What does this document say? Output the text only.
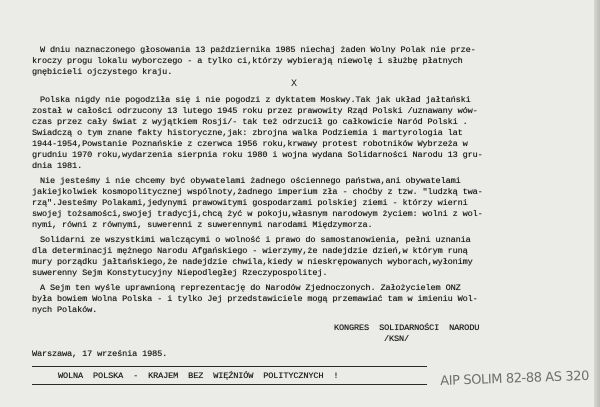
W dniu naznaczonego głosowania 13 października 1985 niechaj żaden Wolny Polak nie prze-

kroczy progu lokalu wyborczego - a tylko ci,którzy wybierają niewolę i służbę płatnych

gnębicieli ojczystego kraju.

X

Polska nigdy nie pogodziła się i nie pogodzi z dyktatem Moskwy.Tak jak układ jałtański

został w całości odrzucony 13 lutego 1945 roku przez prawowity Rząd Polski /uznawany wów-

czas przez cały świat z wyjątkiem Rosji/- tak też odrzucił go całkowicie Naród Polski .

Swiadczą o tym znane fakty historyczne,jak: zbrojna walka Podziemia i martyrologia lat

1944-1954,Powstanie Poznańskie z czerwca 1956 roku,krwawy protest robotników Wybrzeża w

grudniu 1970 roku,wydarzenia sierpnia roku 1980 i wojna wydana Solidarności Narodu 13 gru-

dnia 1981.

Nie jesteśmy i nie chcemy być obywatelami żadnego ościennego państwa,ani obywatelami

jakiejkolwiek kosmopolitycznej wspólnoty,żadnego imperium zła - choćby z tzw. "ludzką twa-

rzą".Jesteśmy Polakami,jedynymi prawowitymi gospodarzami polskiej ziemi - którzy wierni

swojej tożsamości,swojej tradycji,chcą żyć w pokoju,własnym narodowym życiem: wolni z wol-

nymi, równi z równymi, suwerenni z suwerennymi narodami Międzymorza.

Solidarni ze wszystkimi walczącymi o wolność i prawo do samostanowienia, pełni uznania

dla determinacji mężnego Narodu Afgańskiego - wierzymy,że nadejdzie dzień,w którym runą

mury porządku jałtańskiego,że nadejdzie chwila,kiedy w nieskrępowanych wyborach,wyłonimy

suwerenny Sejm Konstytucyjny Niepodległej Rzeczypospolitej.

A Sejm ten wyśle uprawnioną reprezentację do Narodów Zjednoczonych. Założycielem ONZ

była bowiem Wolna Polska - i tylko Jej przedstawiciele mogą przemawiać tam w imieniu Wol-

nych Polaków.

KONGRES  SOLIDARNOŚCI  NARODU

/KSN/

Warszawa, 17 września 1985.

WOLNA  POLSKA  -  KRAJEM  BEZ  WIĘŹNIÓW  POLITYCZNYCH  !	AIP SOLIM 82-88 AS 320
